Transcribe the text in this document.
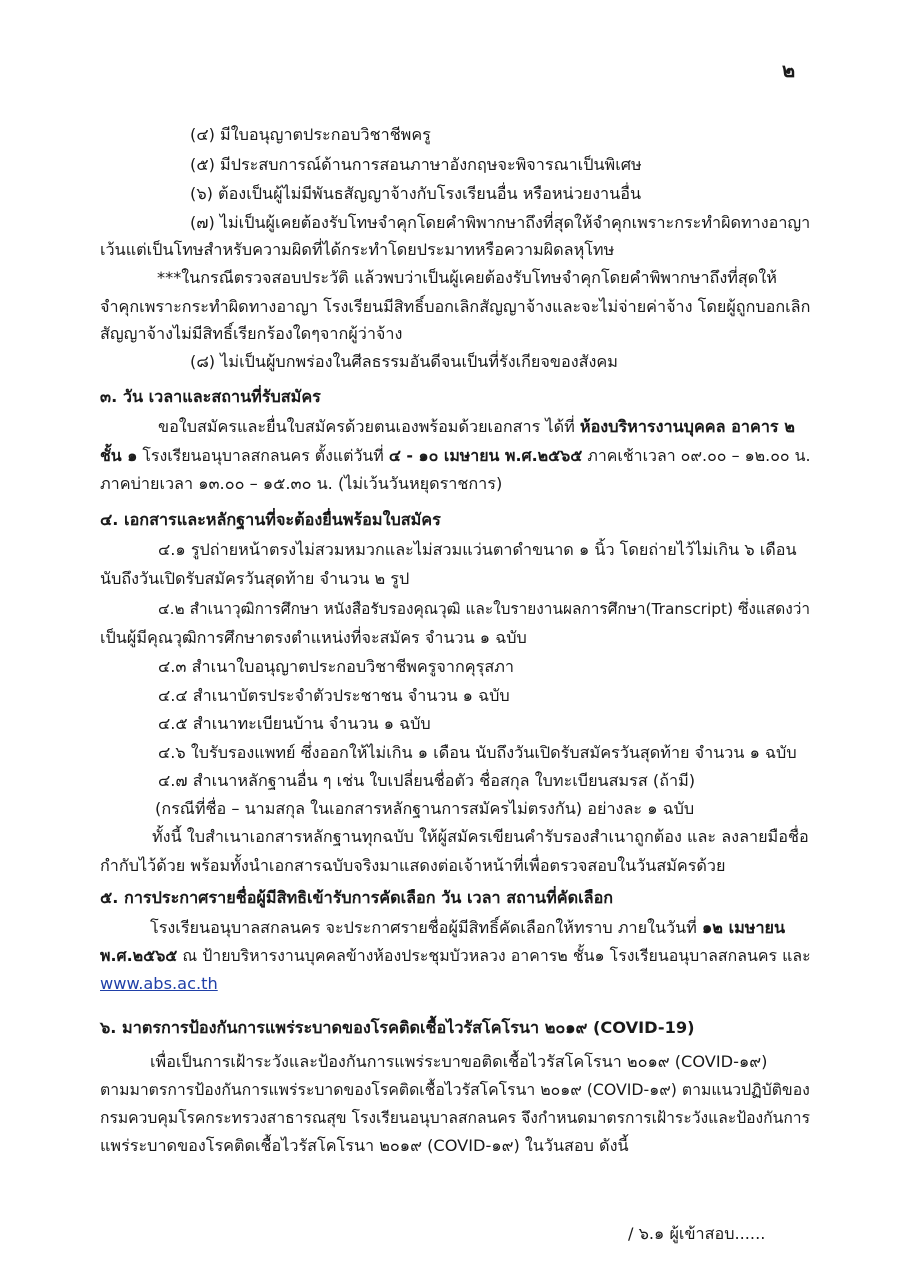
๒
(๔) มีใบอนุญาตประกอบวิชาชีพครู
(๕) มีประสบการณ์ด้านการสอนภาษาอังกฤษจะพิจารณาเป็นพิเศษ
(๖) ต้องเป็นผู้ไม่มีพันธสัญญาจ้างกับโรงเรียนอื่น หรือหน่วยงานอื่น
(๗) ไม่เป็นผู้เคยต้องรับโทษจำคุกโดยคำพิพากษาถึงที่สุดให้จำคุกเพราะกระทำผิดทางอาญา
เว้นแต่เป็นโทษสำหรับความผิดที่ได้กระทำโดยประมาทหรือความผิดลหุโทษ
***ในกรณีตรวจสอบประวัติ แล้วพบว่าเป็นผู้เคยต้องรับโทษจำคุกโดยคำพิพากษาถึงที่สุดให้
จำคุกเพราะกระทำผิดทางอาญา โรงเรียนมีสิทธิ์บอกเลิกสัญญาจ้างและจะไม่จ่ายค่าจ้าง โดยผู้ถูกบอกเลิก
สัญญาจ้างไม่มีสิทธิ์เรียกร้องใดๆจากผู้ว่าจ้าง
(๘) ไม่เป็นผู้บกพร่องในศีลธรรมอันดีจนเป็นที่รังเกียจของสังคม
๓. วัน เวลาและสถานที่รับสมัคร
ขอใบสมัครและยื่นใบสมัครด้วยตนเองพร้อมด้วยเอกสาร ได้ที่ ห้องบริหารงานบุคคล อาคาร ๒
ชั้น ๑ โรงเรียนอนุบาลสกลนคร ตั้งแต่วันที่ ๔ - ๑๐ เมษายน พ.ศ.๒๕๖๕ ภาคเช้าเวลา ๐๙.๐๐ – ๑๒.๐๐ น.
ภาคบ่ายเวลา ๑๓.๐๐ – ๑๕.๓๐ น. (ไม่เว้นวันหยุดราชการ)
๔. เอกสารและหลักฐานที่จะต้องยื่นพร้อมใบสมัคร
๔.๑ รูปถ่ายหน้าตรงไม่สวมหมวกและไม่สวมแว่นตาดำขนาด ๑ นิ้ว โดยถ่ายไว้ไม่เกิน ๖ เดือน
นับถึงวันเปิดรับสมัครวันสุดท้าย จำนวน ๒ รูป
๔.๒ สำเนาวุฒิการศึกษา หนังสือรับรองคุณวุฒิ และใบรายงานผลการศึกษา(Transcript) ซึ่งแสดงว่า
เป็นผู้มีคุณวุฒิการศึกษาตรงตำแหน่งที่จะสมัคร จำนวน ๑ ฉบับ
๔.๓ สำเนาใบอนุญาตประกอบวิชาชีพครูจากคุรุสภา
๔.๔ สำเนาบัตรประจำตัวประชาชน จำนวน ๑ ฉบับ
๔.๕ สำเนาทะเบียนบ้าน จำนวน ๑ ฉบับ
๔.๖ ใบรับรองแพทย์ ซึ่งออกให้ไม่เกิน ๑ เดือน นับถึงวันเปิดรับสมัครวันสุดท้าย จำนวน ๑ ฉบับ
๔.๗ สำเนาหลักฐานอื่น ๆ เช่น ใบเปลี่ยนชื่อตัว ชื่อสกุล ใบทะเบียนสมรส (ถ้ามี)
(กรณีที่ชื่อ – นามสกุล ในเอกสารหลักฐานการสมัครไม่ตรงกัน) อย่างละ ๑ ฉบับ
ทั้งนี้ ใบสำเนาเอกสารหลักฐานทุกฉบับ ให้ผู้สมัครเขียนคำรับรองสำเนาถูกต้อง และ ลงลายมือชื่อ
กำกับไว้ด้วย พร้อมทั้งนำเอกสารฉบับจริงมาแสดงต่อเจ้าหน้าที่เพื่อตรวจสอบในวันสมัครด้วย
๕. การประกาศรายชื่อผู้มีสิทธิเข้ารับการคัดเลือก วัน เวลา สถานที่คัดเลือก
โรงเรียนอนุบาลสกลนคร จะประกาศรายชื่อผู้มีสิทธิ์คัดเลือกให้ทราบ ภายในวันที่ ๑๒ เมษายน
พ.ศ.๒๕๖๕ ณ ป้ายบริหารงานบุคคลข้างห้องประชุมบัวหลวง อาคาร๒ ชั้น๑ โรงเรียนอนุบาลสกลนคร และ
www.abs.ac.th
๖. มาตรการป้องกันการแพร่ระบาดของโรคติดเชื้อไวรัสโคโรนา ๒๐๑๙ (COVID-19)
เพื่อเป็นการเฝ้าระวังและป้องกันการแพร่ระบาขอติดเชื้อไวรัสโคโรนา ๒๐๑๙ (COVID-๑๙)
ตามมาตรการป้องกันการแพร่ระบาดของโรคติดเชื้อไวรัสโคโรนา ๒๐๑๙ (COVID-๑๙) ตามแนวปฏิบัติของ
กรมควบคุมโรคกระทรวงสาธารณสุข โรงเรียนอนุบาลสกลนคร จึงกำหนดมาตรการเฝ้าระวังและป้องกันการ
แพร่ระบาดของโรคติดเชื้อไวรัสโคโรนา ๒๐๑๙ (COVID-๑๙) ในวันสอบ ดังนี้
/ ๖.๑ ผู้เข้าสอบ......
